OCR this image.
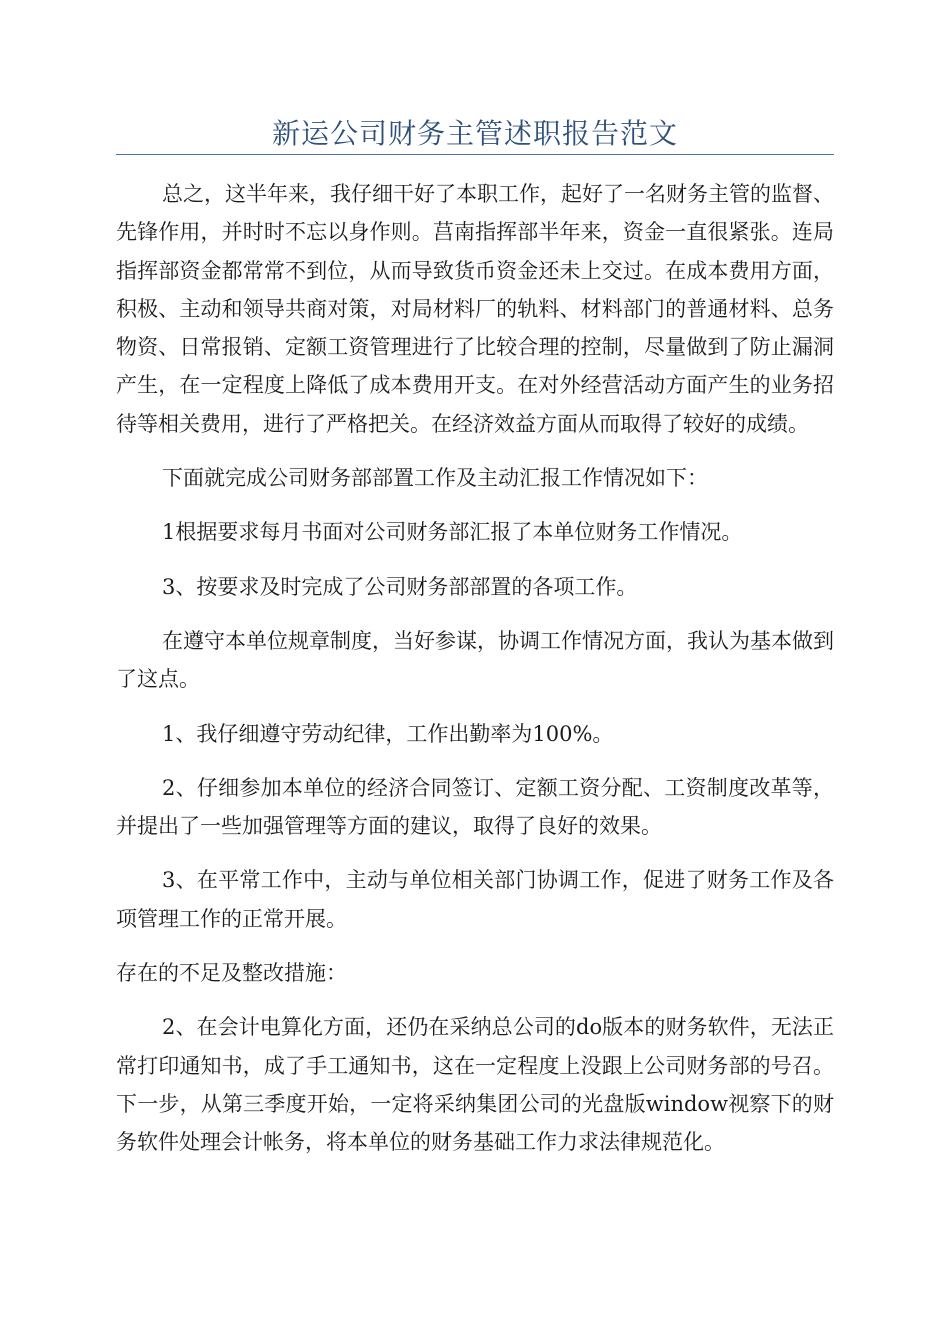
新运公司财务主管述职报告范文

总之，这半年来，我仔细干好了本职工作，起好了一名财务主管的监督、先锋作用，并时时不忘以身作则。莒南指挥部半年来，资金一直很紧张。连局指挥部资金都常常不到位，从而导致货币资金还未上交过。在成本费用方面，积极、主动和领导共商对策，对局材料厂的轨料、材料部门的普通材料、总务物资、日常报销、定额工资管理进行了比较合理的控制，尽量做到了防止漏洞产生，在一定程度上降低了成本费用开支。在对外经营活动方面产生的业务招待等相关费用，进行了严格把关。在经济效益方面从而取得了较好的成绩。

下面就完成公司财务部部置工作及主动汇报工作情况如下：

1根据要求每月书面对公司财务部汇报了本单位财务工作情况。

3、按要求及时完成了公司财务部部置的各项工作。

在遵守本单位规章制度，当好参谋，协调工作情况方面，我认为基本做到了这点。

1、我仔细遵守劳动纪律，工作出勤率为100%。

2、仔细参加本单位的经济合同签订、定额工资分配、工资制度改革等，并提出了一些加强管理等方面的建议，取得了良好的效果。

3、在平常工作中，主动与单位相关部门协调工作，促进了财务工作及各项管理工作的正常开展。

存在的不足及整改措施：

2、在会计电算化方面，还仍在采纳总公司的do版本的财务软件，无法正常打印通知书，成了手工通知书，这在一定程度上没跟上公司财务部的号召。下一步，从第三季度开始，一定将采纳集团公司的光盘版window视察下的财务软件处理会计帐务，将本单位的财务基础工作力求法律规范化。
